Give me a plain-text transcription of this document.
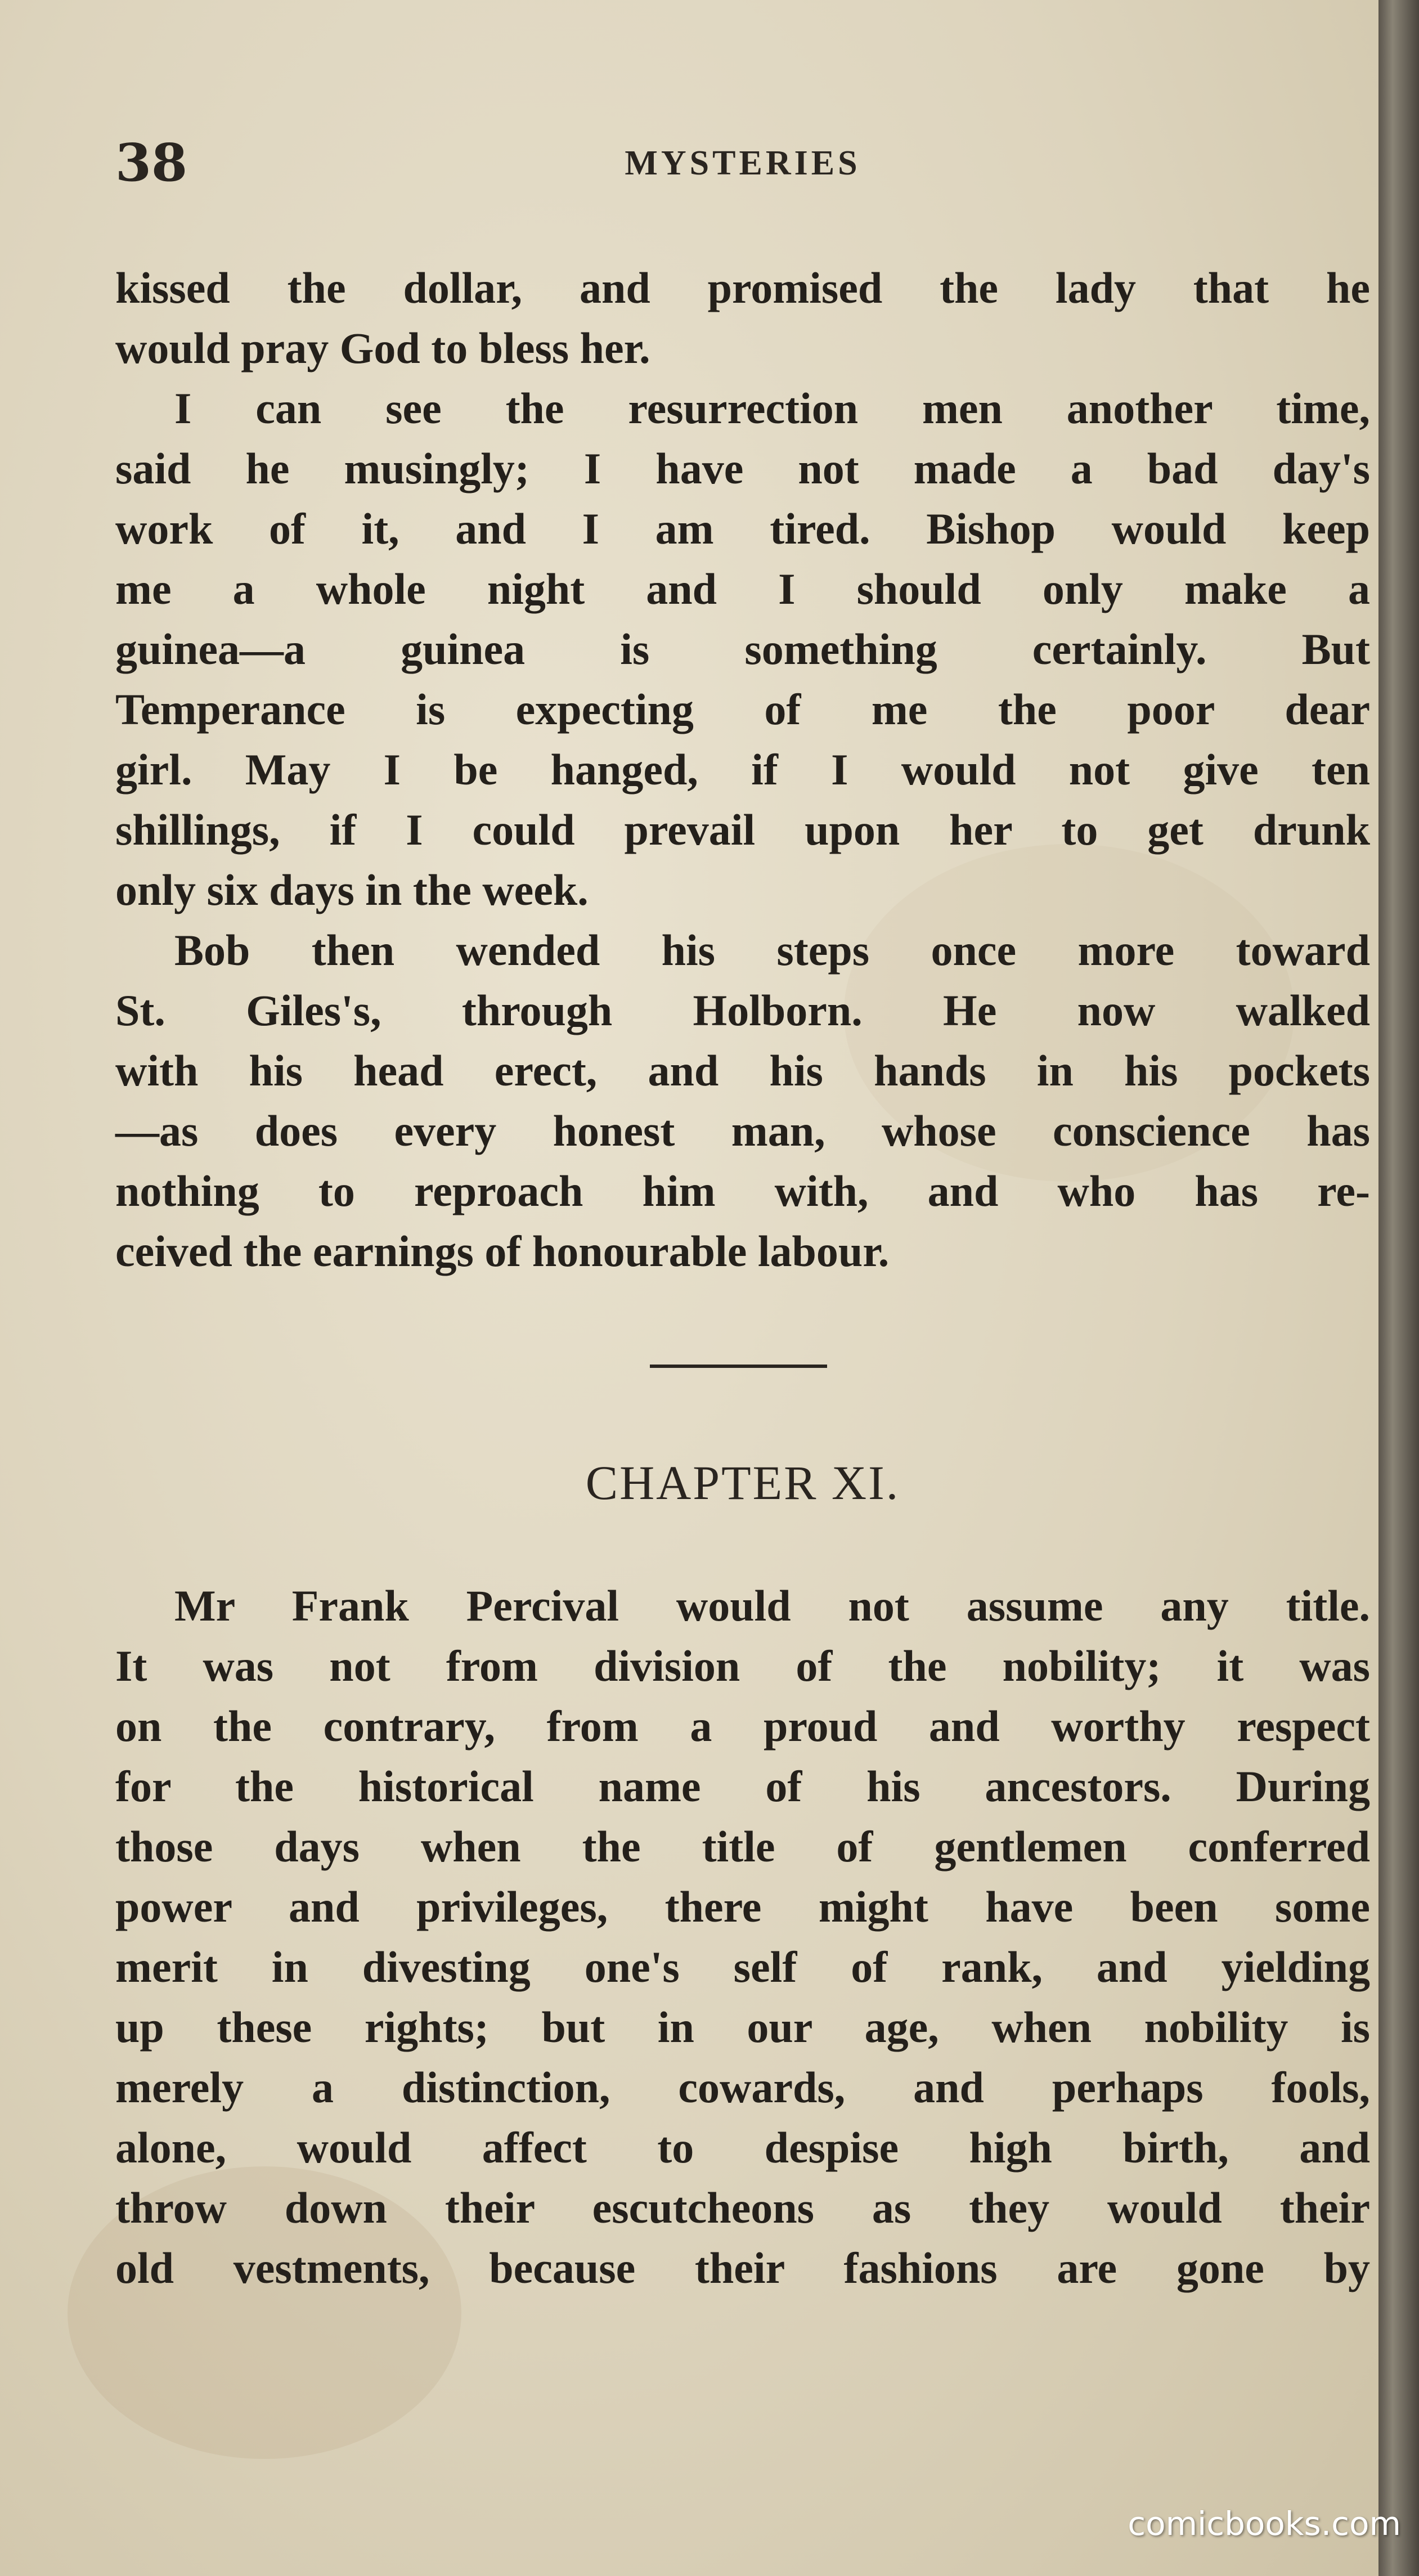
38	MYSTERIES
kissed the dollar, and promised the lady that he
would pray God to bless her.
I can see the resurrection men another time,
said he musingly; I have not made a bad day's
work of it, and I am tired. Bishop would keep
me a whole night and I should only make a
guinea—a guinea is something certainly. But
Temperance is expecting of me the poor dear
girl. May I be hanged, if I would not give ten
shillings, if I could prevail upon her to get drunk
only six days in the week.
Bob then wended his steps once more toward
St. Giles's, through Holborn. He now walked
with his head erect, and his hands in his pockets
—as does every honest man, whose conscience has
nothing to reproach him with, and who has re-
ceived the earnings of honourable labour.
CHAPTER XI.
Mr Frank Percival would not assume any title.
It was not from division of the nobility; it was
on the contrary, from a proud and worthy respect
for the historical name of his ancestors. During
those days when the title of gentlemen conferred
power and privileges, there might have been some
merit in divesting one's self of rank, and yielding
up these rights; but in our age, when nobility is
merely a distinction, cowards, and perhaps fools,
alone, would affect to despise high birth, and
throw down their escutcheons as they would their
old vestments, because their fashions are gone by
comicbooks.com
